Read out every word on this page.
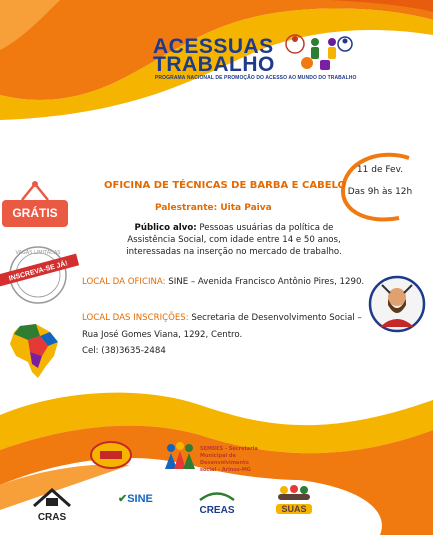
ACESSUAS
TRABALHO
PROGRAMA NACIONAL DE PROMOÇÃO DO ACESSO AO MUNDO DO TRABALHO
11 de Fev.
Das 9h às 12h
GRÁTIS
VAGAS LIMITADAS
INSCREVA-SE JÁ!
OFICINA DE TÉCNICAS DE BARBA E CABELO
Palestrante: Uita Paiva
Público alvo: Pessoas usuárias da política de Assistência Social, com idade entre 14 e 50 anos, interessadas na inserção no mercado de trabalho.
LOCAL DA OFICINA: SINE – Avenida Francisco Antônio Pires, 1290.
LOCAL DAS INSCRIÇÕES: Secretaria de Desenvolvimento Social – Rua José Gomes Viana, 1292, Centro.
Cel: (38)3635-2484
SEMDES - Secretaria Municipal de Desenvolvimento social - Arinos-MG
CRAS
✔SINE
CREAS	SUAS
